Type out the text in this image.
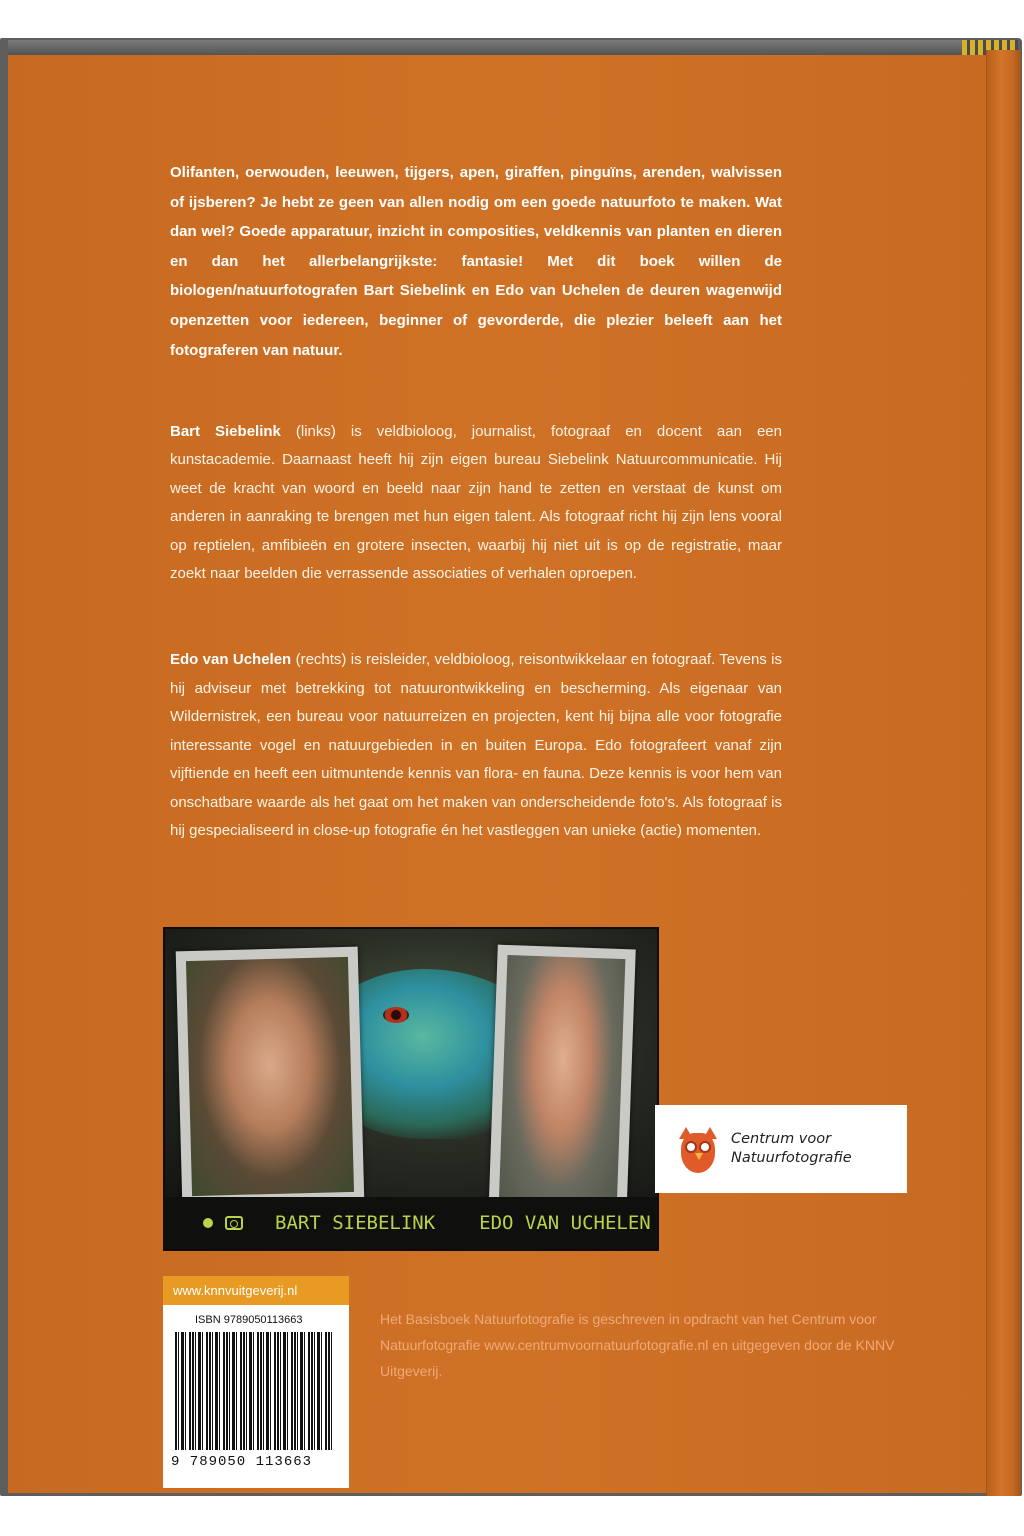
Olifanten, oerwouden, leeuwen, tijgers, apen, giraffen, pinguïns, arenden, walvissen of ijsberen? Je hebt ze geen van allen nodig om een goede natuurfoto te maken. Wat dan wel? Goede apparatuur, inzicht in composities, veldkennis van planten en dieren en dan het allerbelangrijkste: fantasie! Met dit boek willen de biologen/natuurfotografen Bart Siebelink en Edo van Uchelen de deuren wagenwijd openzetten voor iedereen, beginner of gevorderde, die plezier beleeft aan het fotograferen van natuur.
Bart Siebelink (links) is veldbioloog, journalist, fotograaf en docent aan een kunstacademie. Daarnaast heeft hij zijn eigen bureau Siebelink Natuurcommunicatie. Hij weet de kracht van woord en beeld naar zijn hand te zetten en verstaat de kunst om anderen in aanraking te brengen met hun eigen talent. Als fotograaf richt hij zijn lens vooral op reptielen, amfibieën en grotere insecten, waarbij hij niet uit is op de registratie, maar zoekt naar beelden die verrassende associaties of verhalen oproepen.
Edo van Uchelen (rechts) is reisleider, veldbioloog, reisontwikkelaar en fotograaf. Tevens is hij adviseur met betrekking tot natuurontwikkeling en bescherming. Als eigenaar van Wildernistrek, een bureau voor natuurreizen en projecten, kent hij bijna alle voor fotografie interessante vogel en natuurgebieden in en buiten Europa. Edo fotografeert vanaf zijn vijftiende en heeft een uitmuntende kennis van flora- en fauna. Deze kennis is voor hem van onschatbare waarde als het gaat om het maken van onderscheidende foto's. Als fotograaf is hij gespecialiseerd in close-up fotografie én het vastleggen van unieke (actie) momenten.
BART SIEBELINK EDO VAN UCHELEN
Centrum voor
Natuurfotografie
www.knnvuitgeverij.nl
ISBN 9789050113663
9 789050 113663
Het Basisboek Natuurfotografie is geschreven in opdracht van het Centrum voor Natuurfotografie www.centrumvoornatuurfotografie.nl en uitgegeven door de KNNV Uitgeverij.
